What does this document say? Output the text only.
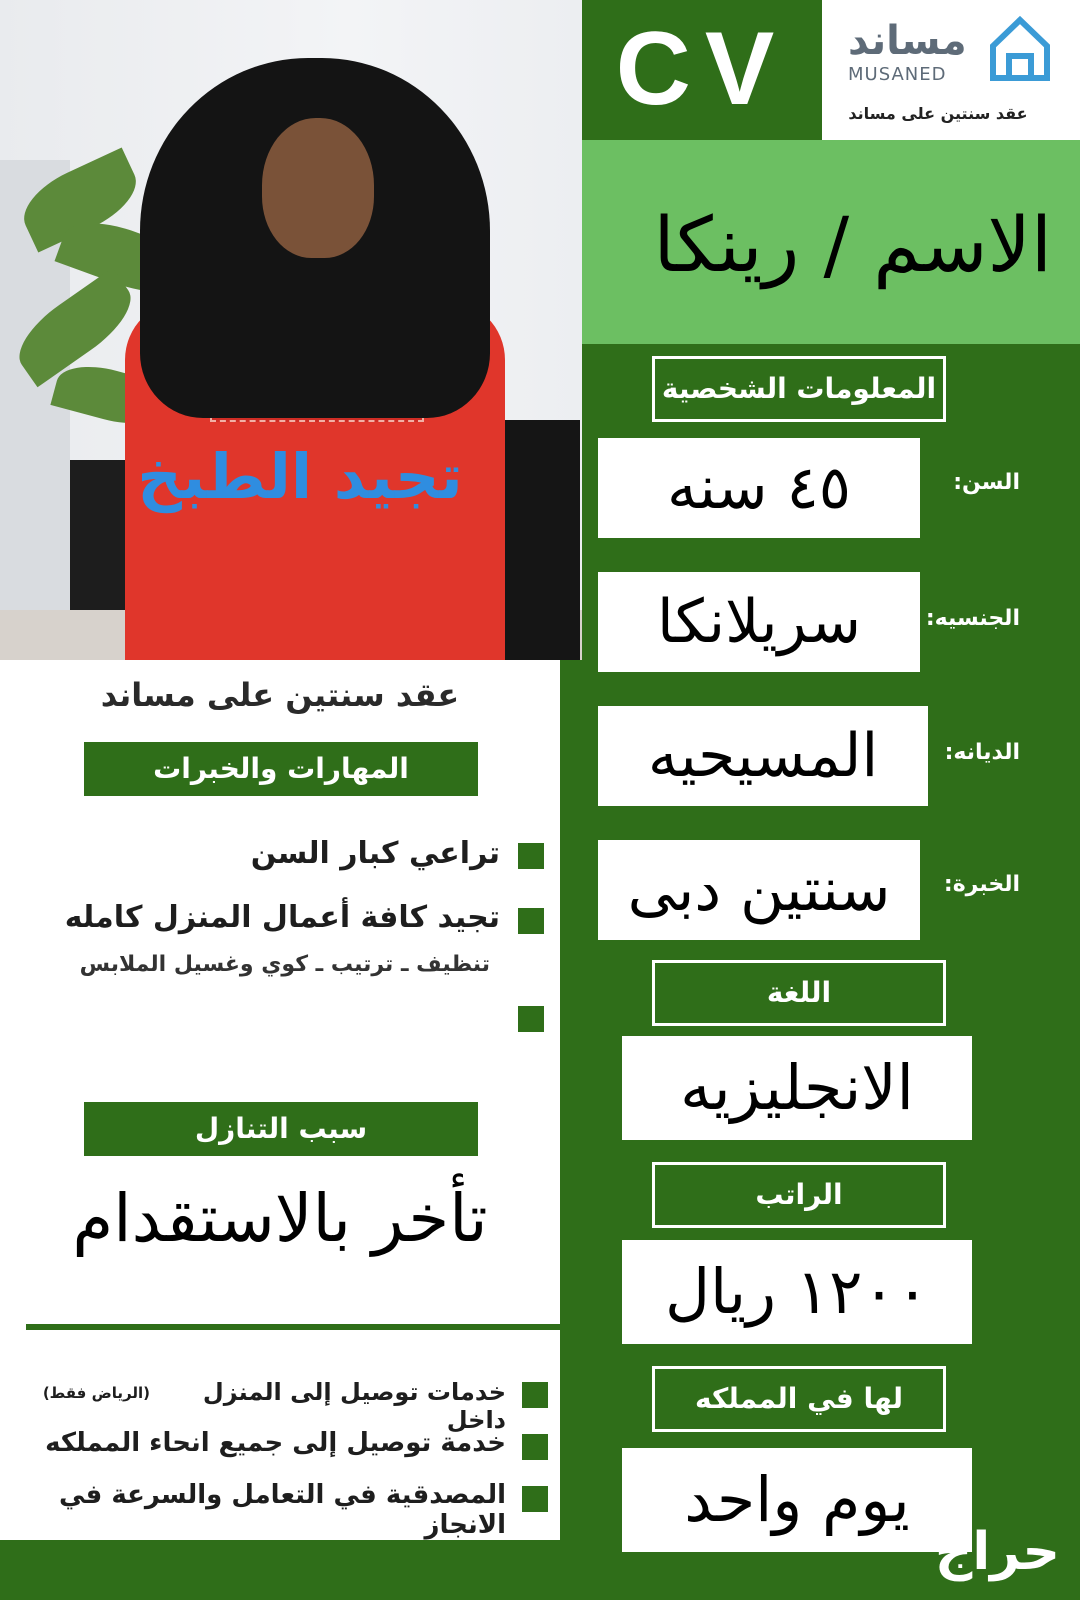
تجيد الطبخ
CV	مساند
MUSANED
عقد سنتين على مساند
الاسم / رينكا
المعلومات الشخصية
السن:
٤٥ سنه
الجنسيه:
سريلانكا
الديانه:
المسيحيه
الخبرة:
سنتين دبى
اللغة
الانجليزيه
الراتب
١٢٠٠ ريال
لها في المملكه
يوم واحد
عقد سنتين على مساند
المهارات والخبرات
تراعي كبار السن
تجيد كافة أعمال المنزل كامله
تنظيف ـ ترتيب ـ كوي وغسيل الملابس
سبب التنازل
تأخر بالاستقدام
خدمات توصيل إلى المنزل داخل
(الرياض فقط)
خدمة توصيل إلى جميع انحاء المملكه
المصدقية في التعامل والسرعة في الانجاز	حراج
